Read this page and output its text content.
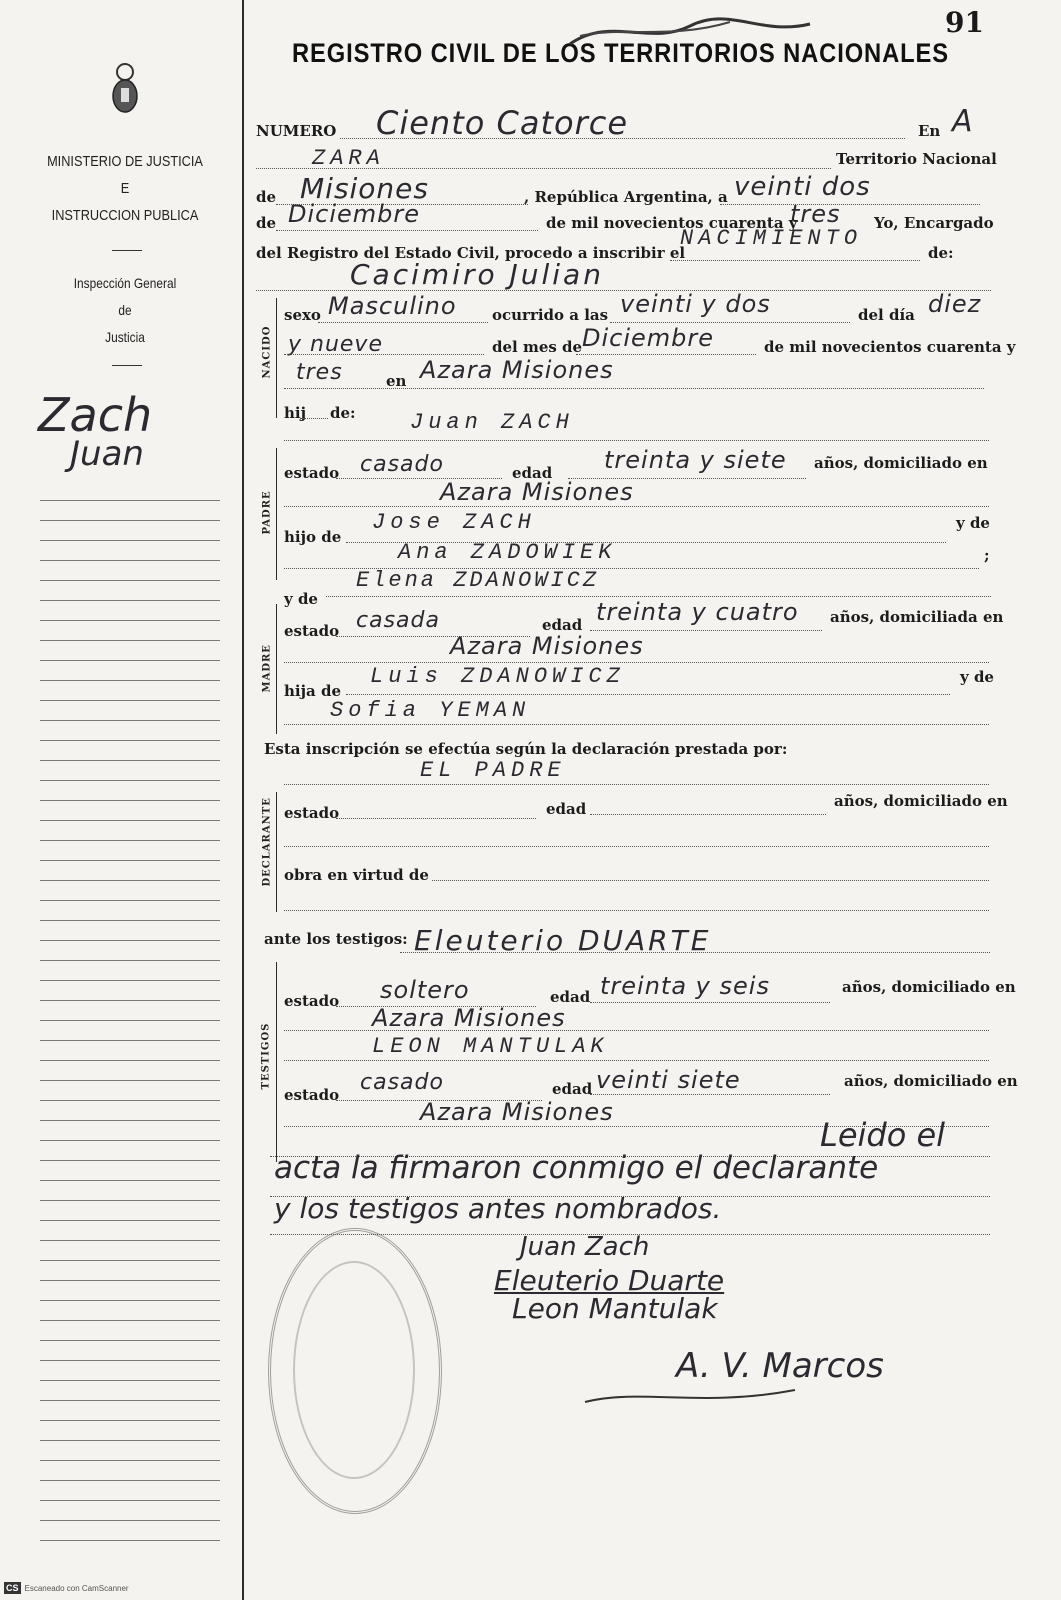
91
MINISTERIO DE JUSTICIA
E
INSTRUCCION PUBLICA
Inspección General
de
Justicia
Zach
Juan
REGISTRO CIVIL DE LOS TERRITORIOS NACIONALES
NUMERO Ciento Catorce	En A
ZARA	Territorio Nacional
de Misiones	, República Argentina, a veinti dos
de Diciembre	de mil novecientos cuarenta y
tres Yo, Encargado
del Registro del Estado Civil, procedo a inscribir el
NACIMIENTO
de:
Cacimiro Julian
NACIDO
sexo Masculino ocurrido a las veinti y dos	del día diez
y nueve	del mes de Diciembre	de mil novecientos cuarenta y
tres	en Azara Misiones
hij de: Juan ZACH
PADRE
estado casado	edad treinta y siete años, domiciliado en
Azara Misiones
hijo de
Jose ZACH	y de
Ana ZADOWIEK	;
Elena ZDANOWICZ
y de
MADRE
estado casada	edad treinta y cuatro años, domiciliada en
Azara Misiones
hija de
Luis ZDANOWICZ	y de
Sofia YEMAN
Esta inscripción se efectúa según la declaración prestada por:
EL PADRE
DECLARANTE estado	edad	años, domiciliado en
obra en virtud de
ante los testigos: Eleuterio DUARTE
TESTIGOS
estado soltero	edad treinta y seis	años, domiciliado en
Azara Misiones
LEON MANTULAK
estado casado	edad veinti siete	años, domiciliado en
Azara Misiones
Leido el
acta la firmaron conmigo el declarante
y los testigos antes nombrados.
Juan Zach
Eleuterio Duarte
Leon Mantulak
A. V. Marcos
CS Escaneado con CamScanner
